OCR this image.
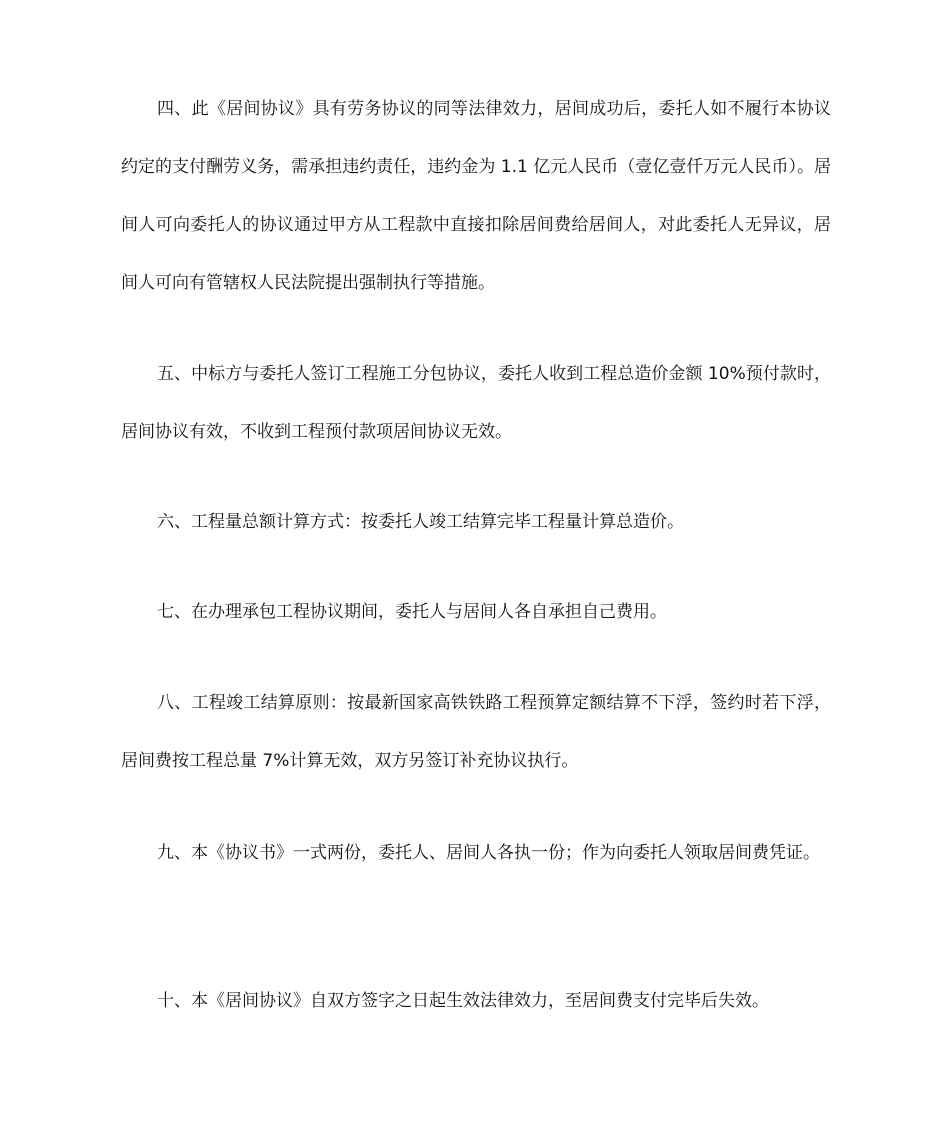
四、此《居间协议》具有劳务协议的同等法律效力，居间成功后，委托人如不履行本协议约定的支付酬劳义务，需承担违约责任，违约金为 1.1 亿元人民币（壹亿壹仟万元人民币）。居间人可向委托人的协议通过甲方从工程款中直接扣除居间费给居间人，对此委托人无异议，居间人可向有管辖权人民法院提出强制执行等措施。

五、中标方与委托人签订工程施工分包协议，委托人收到工程总造价金额 10%预付款时，居间协议有效，不收到工程预付款项居间协议无效。

六、工程量总额计算方式：按委托人竣工结算完毕工程量计算总造价。

七、在办理承包工程协议期间，委托人与居间人各自承担自己费用。

八、工程竣工结算原则：按最新国家高铁铁路工程预算定额结算不下浮，签约时若下浮，居间费按工程总量 7%计算无效，双方另签订补充协议执行。

九、本《协议书》一式两份，委托人、居间人各执一份；作为向委托人领取居间费凭证。

十、本《居间协议》自双方签字之日起生效法律效力，至居间费支付完毕后失效。
